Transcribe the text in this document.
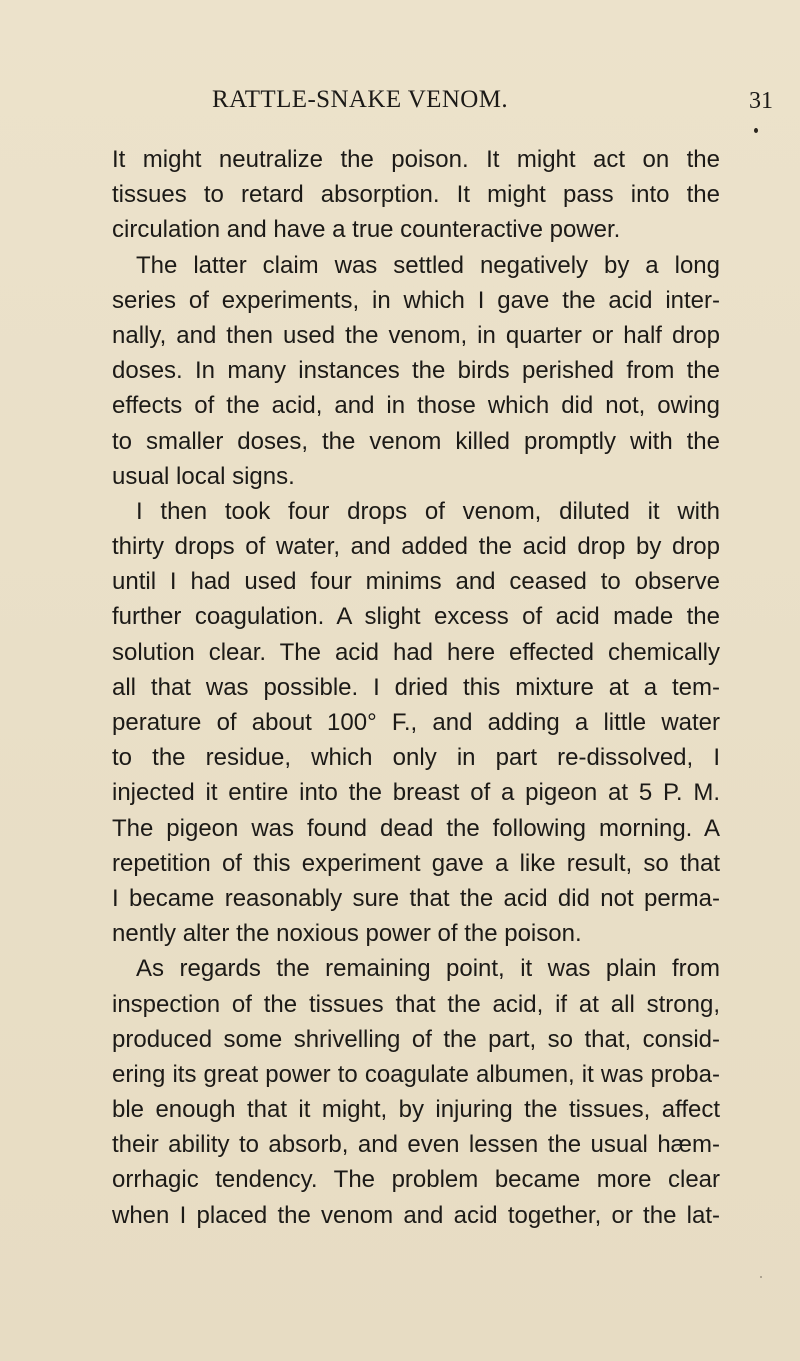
RATTLE-SNAKE VENOM.	31
It might neutralize the poison. It might act on the
tissues to retard absorption. It might pass into the
circulation and have a true counteractive power.
The latter claim was settled negatively by a long
series of experiments, in which I gave the acid inter-
nally, and then used the venom, in quarter or half drop
doses. In many instances the birds perished from the
effects of the acid, and in those which did not, owing
to smaller doses, the venom killed promptly with the
usual local signs.
I then took four drops of venom, diluted it with
thirty drops of water, and added the acid drop by drop
until I had used four minims and ceased to observe
further coagulation. A slight excess of acid made the
solution clear. The acid had here effected chemically
all that was possible. I dried this mixture at a tem-
perature of about 100° F., and adding a little water
to the residue, which only in part re-dissolved, I
injected it entire into the breast of a pigeon at 5 P. M.
The pigeon was found dead the following morning. A
repetition of this experiment gave a like result, so that
I became reasonably sure that the acid did not perma-
nently alter the noxious power of the poison.
As regards the remaining point, it was plain from
inspection of the tissues that the acid, if at all strong,
produced some shrivelling of the part, so that, consid-
ering its great power to coagulate albumen, it was proba-
ble enough that it might, by injuring the tissues, affect
their ability to absorb, and even lessen the usual hæm-
orrhagic tendency. The problem became more clear
when I placed the venom and acid together, or the lat-
